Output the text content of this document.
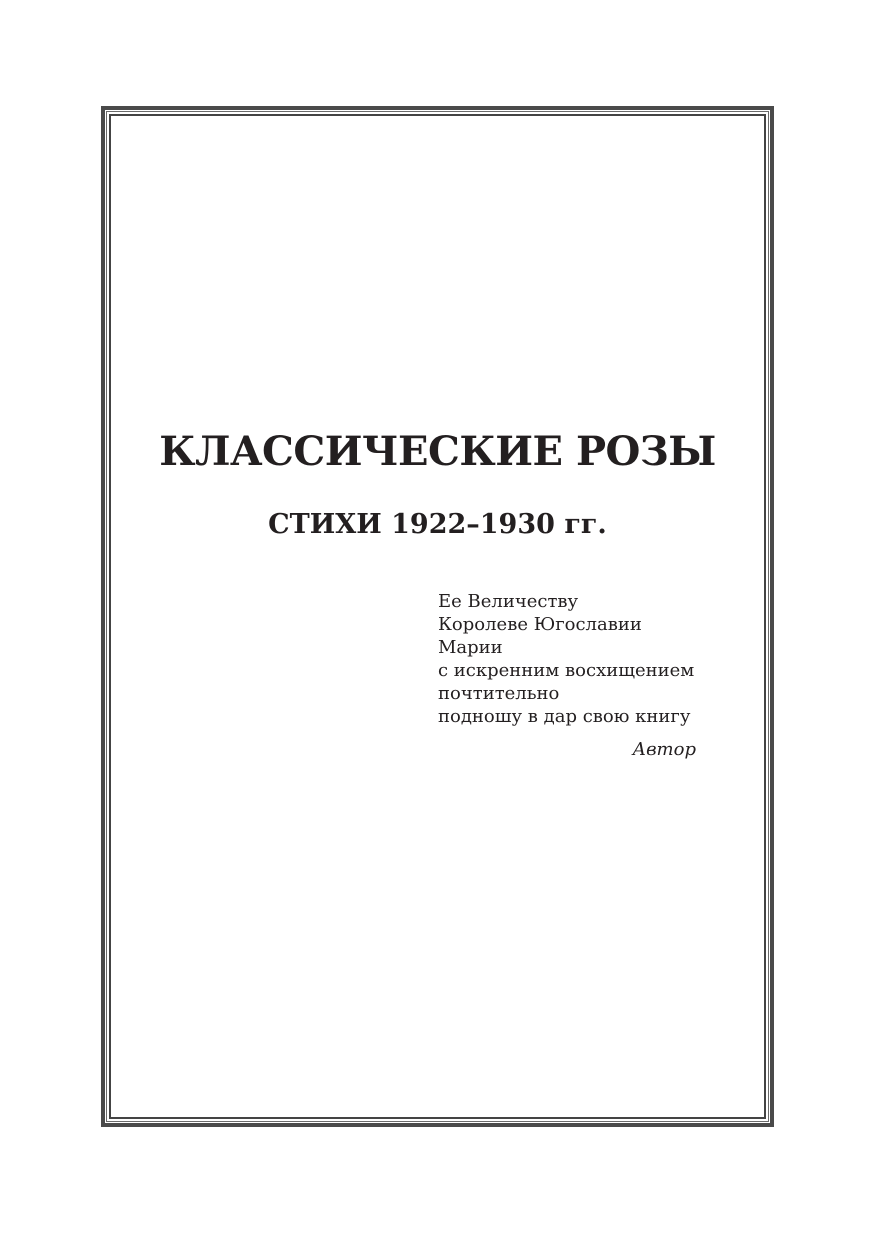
КЛАССИЧЕСКИЕ РОЗЫ
СТИХИ 1922–1930 гг.
Ее Величеству
Королеве Югославии
Марии
с искренним восхищением
почтительно
подношу в дар свою книгу

Автор
